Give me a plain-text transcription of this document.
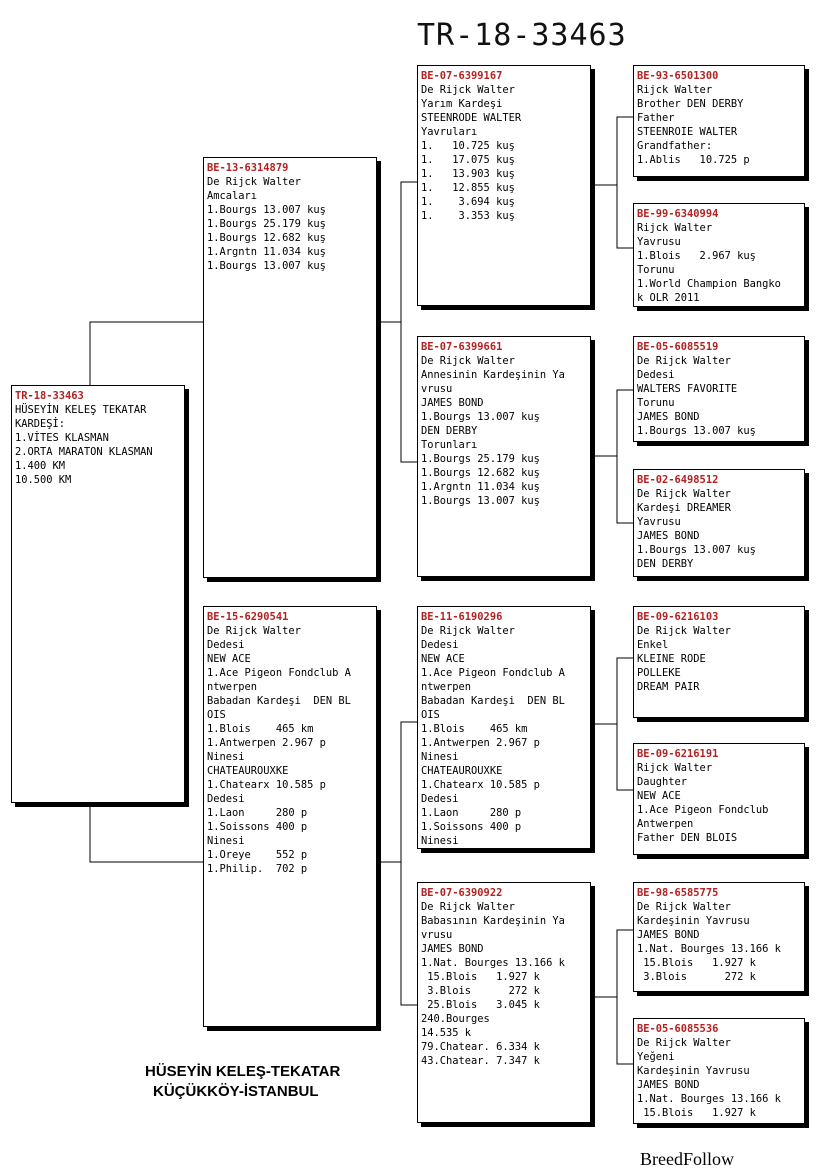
TR-18-33463
TR-18-33463
HÜSEYİN KELEŞ TEKATAR
KARDEŞİ:
1.VİTES KLASMAN
2.ORTA MARATON KLASMAN
1.400 KM
10.500 KM
BE-13-6314879
De Rijck Walter
Amcaları
1.Bourgs 13.007 kuş
1.Bourgs 25.179 kuş
1.Bourgs 12.682 kuş
1.Argntn 11.034 kuş
1.Bourgs 13.007 kuş
BE-15-6290541
De Rijck Walter
Dedesi
NEW ACE
1.Ace Pigeon Fondclub A
ntwerpen
Babadan Kardeşi  DEN BL
OIS
1.Blois    465 km
1.Antwerpen 2.967 p
Ninesi
CHATEAUROUXKE
1.Chatearx 10.585 p
Dedesi
1.Laon     280 p
1.Soissons 400 p
Ninesi
1.Oreye    552 p
1.Philip.  702 p
BE-07-6399167
De Rijck Walter
Yarım Kardeşi
STEENRODE WALTER
Yavruları
1.   10.725 kuş
1.   17.075 kuş
1.   13.903 kuş
1.   12.855 kuş
1.    3.694 kuş
1.    3.353 kuş
BE-07-6399661
De Rijck Walter
Annesinin Kardeşinin Ya
vrusu
JAMES BOND
1.Bourgs 13.007 kuş
DEN DERBY
Torunları
1.Bourgs 25.179 kuş
1.Bourgs 12.682 kuş
1.Argntn 11.034 kuş
1.Bourgs 13.007 kuş
BE-11-6190296
De Rijck Walter
Dedesi
NEW ACE
1.Ace Pigeon Fondclub A
ntwerpen
Babadan Kardeşi  DEN BL
OIS
1.Blois    465 km
1.Antwerpen 2.967 p
Ninesi
CHATEAUROUXKE
1.Chatearx 10.585 p
Dedesi
1.Laon     280 p
1.Soissons 400 p
Ninesi
BE-07-6390922
De Rijck Walter
Babasının Kardeşinin Ya
vrusu
JAMES BOND
1.Nat. Bourges 13.166 k
15.Blois   1.927 k
3.Blois      272 k
25.Blois   3.045 k
240.Bourges
14.535 k
79.Chatear. 6.334 k
43.Chatear. 7.347 k
BE-93-6501300
Rijck Walter
Brother DEN DERBY
Father
STEENROIE WALTER
Grandfather:
1.Ablis   10.725 p
BE-99-6340994
Rijck Walter
Yavrusu
1.Blois   2.967 kuş
Torunu
1.World Champion Bangko
k OLR 2011
BE-05-6085519
De Rijck Walter
Dedesi
WALTERS FAVORITE
Torunu
JAMES BOND
1.Bourgs 13.007 kuş
BE-02-6498512
De Rijck Walter
Kardeşi DREAMER
Yavrusu
JAMES BOND
1.Bourgs 13.007 kuş
DEN DERBY
BE-09-6216103
De Rijck Walter
Enkel
KLEINE RODE
POLLEKE
DREAM PAIR
BE-09-6216191
Rijck Walter
Daughter
NEW ACE
1.Ace Pigeon Fondclub
Antwerpen
Father DEN BLOIS
BE-98-6585775
De Rijck Walter
Kardeşinin Yavrusu
JAMES BOND
1.Nat. Bourges 13.166 k
15.Blois   1.927 k
3.Blois      272 k
BE-05-6085536
De Rijck Walter
Yeğeni
Kardeşinin Yavrusu
JAMES BOND
1.Nat. Bourges 13.166 k
15.Blois   1.927 k
HÜSEYİN KELEŞ-TEKATAR
KÜÇÜKKÖY-İSTANBUL
BreedFollow
